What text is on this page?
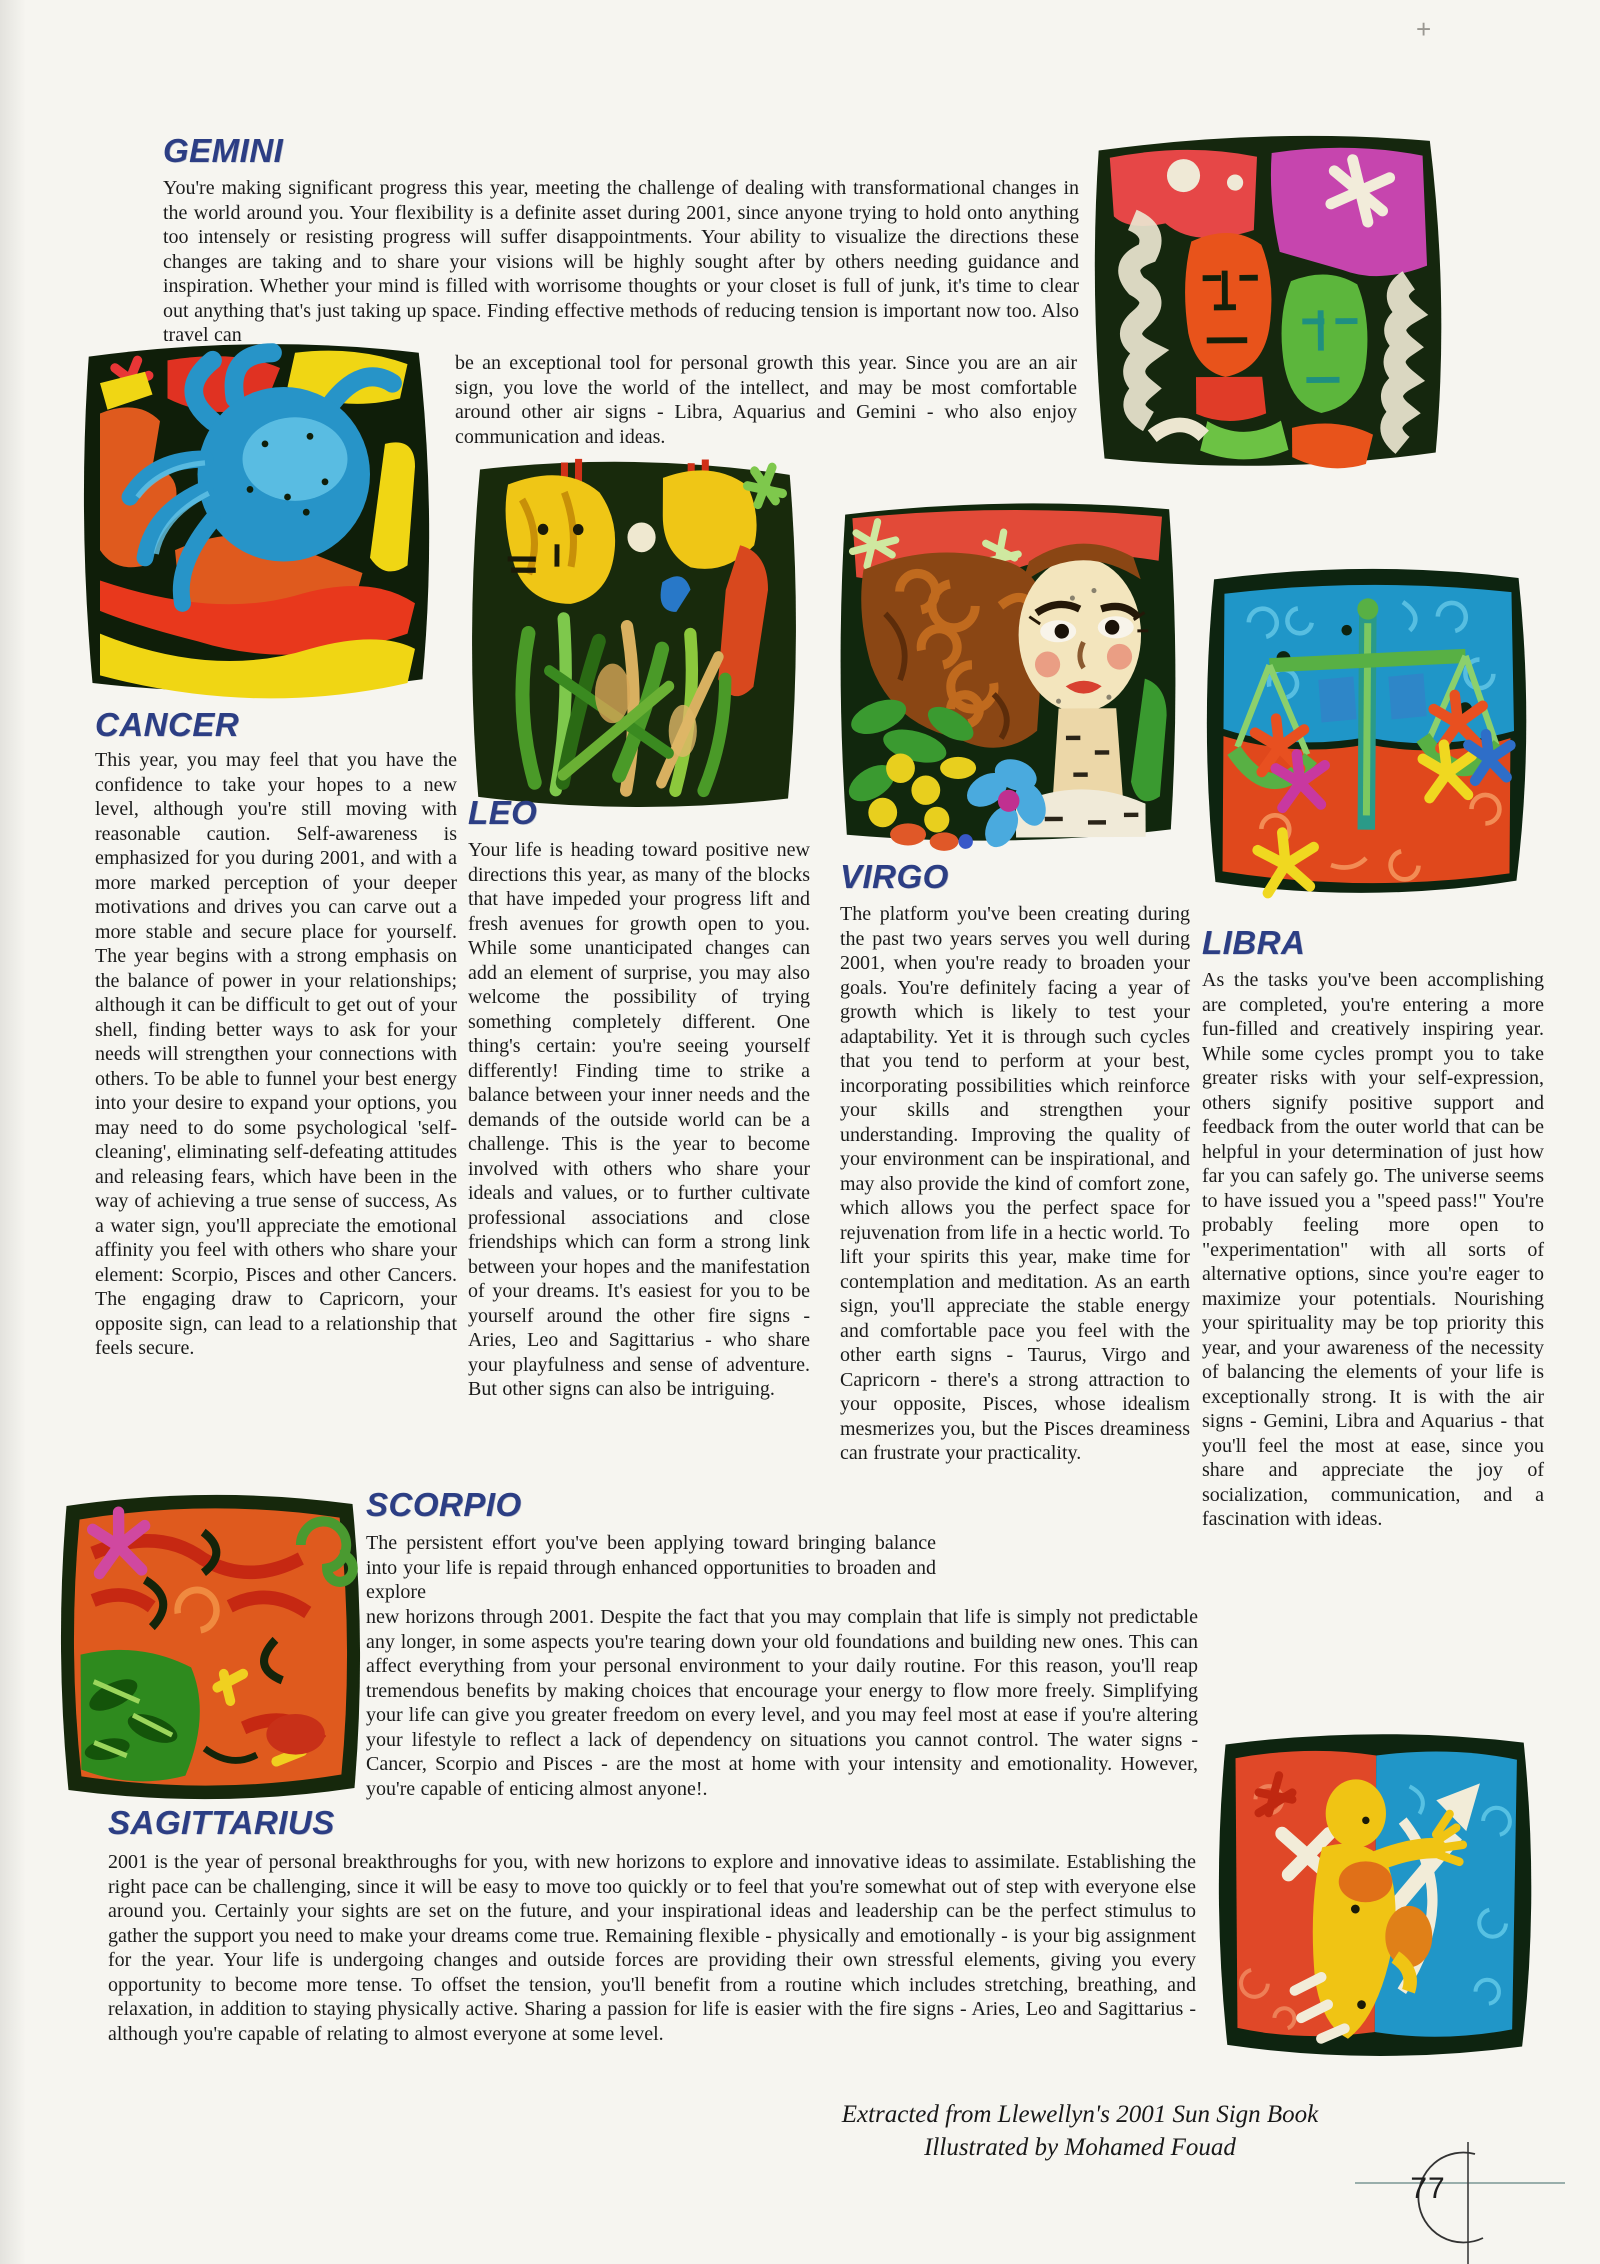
+
GEMINI

You're making significant progress this year, meeting the challenge of dealing with transformational changes in the world around you. Your flexibility is a definite asset during 2001, since anyone trying to hold onto anything too intensely or resisting progress will suffer disappointments. Your ability to visualize the directions these changes are taking and to share your visions will be highly sought after by others needing guidance and inspiration. Whether your mind is filled with worrisome thoughts or your closet is full of junk, it's time to clear out anything that's just taking up space. Finding effective methods of reducing tension is important now too. Also travel can

be an exceptional tool for personal growth this year. Since you are an air sign, you love the world of the intellect, and may be most comfortable around other air signs - Libra, Aquarius and Gemini - who also enjoy communication and ideas.

CANCER

This year, you may feel that you have the confidence to take your hopes to a new level, although you're still moving with reasonable caution. Self-awareness is emphasized for you during 2001, and with a more marked perception of your deeper motivations and drives you can carve out a more stable and secure place for yourself. The year begins with a strong emphasis on the balance of power in your relationships; although it can be difficult to get out of your shell, finding better ways to ask for your needs will strengthen your connections with others. To be able to funnel your best energy into your desire to expand your options, you may need to do some psychological 'self-cleaning', eliminating self-defeating attitudes and releasing fears, which have been in the way of achieving a true sense of success, As a water sign, you'll appreciate the emotional affinity you feel with others who share your element: Scorpio, Pisces and other Cancers. The engaging draw to Capricorn, your opposite sign, can lead to a relationship that feels secure.

LEO

Your life is heading toward positive new directions this year, as many of the blocks that have impeded your progress lift and fresh avenues for growth open to you. While some unanticipated changes can add an element of surprise, you may also welcome the possibility of trying something completely different. One thing's certain: you're seeing yourself differently! Finding time to strike a balance between your inner needs and the demands of the outside world can be a challenge. This is the year to become involved with others who share your ideals and values, or to further cultivate professional associations and close friendships which can form a strong link between your hopes and the manifestation of your dreams. It's easiest for you to be yourself around the other fire signs - Aries, Leo and Sagittarius - who share your playfulness and sense of adventure. But other signs can also be intriguing.

VIRGO

The platform you've been creating during the past two years serves you well during 2001, when you're ready to broaden your goals. You're definitely facing a year of growth which is likely to test your adaptability. Yet it is through such cycles that you tend to perform at your best, incorporating possibilities which reinforce your skills and strengthen your understanding. Improving the quality of your environment can be inspirational, and may also provide the kind of comfort zone, which allows you the perfect space for rejuvenation from life in a hectic world. To lift your spirits this year, make time for contemplation and meditation. As an earth sign, you'll appreciate the stable energy and comfortable pace you feel with the other earth signs - Taurus, Virgo and Capricorn - there's a strong attraction to your opposite, Pisces, whose idealism mesmerizes you, but the Pisces dreaminess can frustrate your practicality.

LIBRA

As the tasks you've been accomplishing are completed, you're entering a more fun-filled and creatively inspiring year. While some cycles prompt you to take greater risks with your self-expression, others signify positive support and feedback from the outer world that can be helpful in your determination of just how far you can safely go. The universe seems to have issued you a "speed pass!" You're probably feeling more open to "experimentation" with all sorts of alternative options, since you're eager to maximize your potentials. Nourishing your spirituality may be top priority this year, and your awareness of the necessity of balancing the elements of your life is exceptionally strong. It is with the air signs - Gemini, Libra and Aquarius - that you'll feel the most at ease, since you share and appreciate the joy of socialization, communication, and a fascination with ideas.

SCORPIO

The persistent effort you've been applying toward bringing balance into your life is repaid through enhanced opportunities to broaden and explore

new horizons through 2001. Despite the fact that you may complain that life is simply not predictable any longer, in some aspects you're tearing down your old foundations and building new ones. This can affect everything from your personal environment to your daily routine. For this reason, you'll reap tremendous benefits by making choices that encourage your energy to flow more freely. Simplifying your life can give you greater freedom on every level, and you may feel most at ease if you're altering your lifestyle to reflect a lack of dependency on situations you cannot control. The water signs - Cancer, Scorpio and Pisces - are the most at home with your intensity and emotionality. However, you're capable of enticing almost anyone!.

SAGITTARIUS

2001 is the year of personal breakthroughs for you, with new horizons to explore and innovative ideas to assimilate. Establishing the right pace can be challenging, since it will be easy to move too quickly or to feel that you're somewhat out of step with everyone else around you. Certainly your sights are set on the future, and your inspirational ideas and leadership can be the perfect stimulus to gather the support you need to make your dreams come true. Remaining flexible - physically and emotionally - is your big assignment for the year. Your life is undergoing changes and outside forces are providing their own stressful elements, giving you every opportunity to become more tense. To offset the tension, you'll benefit from a routine which includes stretching, breathing, and relaxation, in addition to staying physically active. Sharing a passion for life is easier with the fire signs - Aries, Leo and Sagittarius - although you're capable of relating to almost everyone at some level.

Extracted from Llewellyn's 2001 Sun Sign Book
Illustrated by Mohamed Fouad
77
